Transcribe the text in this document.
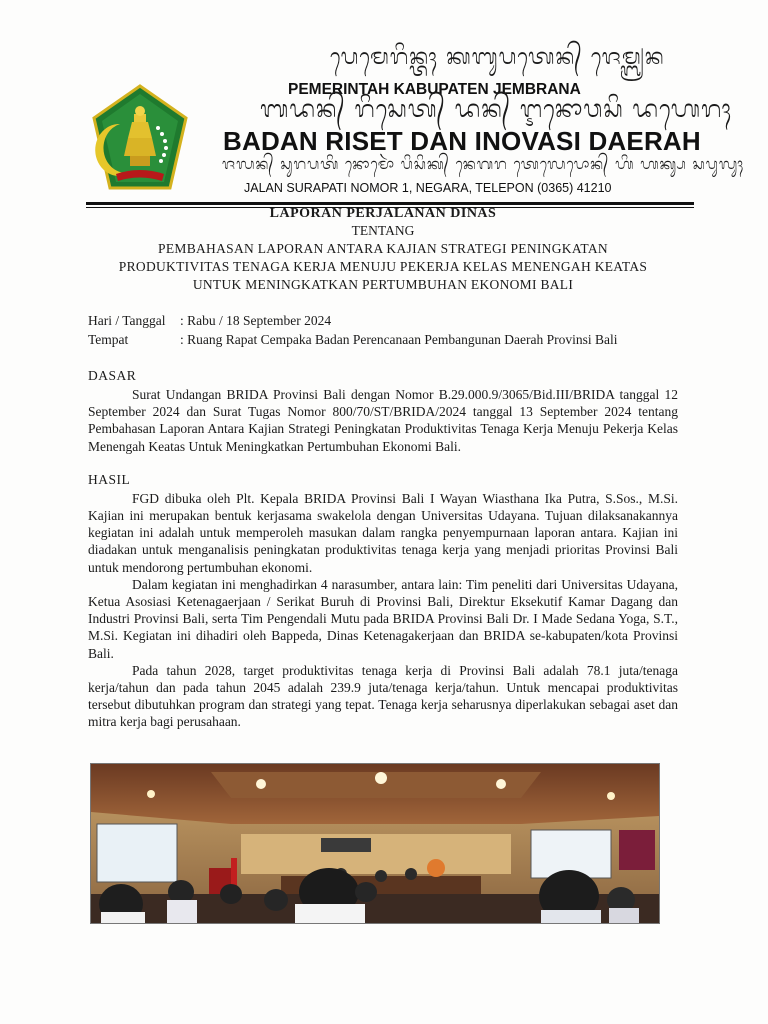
ᬧᬾᬫᬾᬭᬶᬦ᭄ᬢᬄ ᬓᬩᬸᬧᬢᬾᬦ᭄ ᬚᬾᬫ᭄ᬩ᭄ᬭᬦ
PEMERINTAH KABUPATEN JEMBRANA
ᬩᬤᬦ᭄ ᬭᬶᬲᬾᬢ᭄ ᬤᬦ᭄ ᬇᬦᭀᬯᬲᬶ ᬤᬳᬾᬭᬄ
BADAN RISET DAN INOVASI DAERAH
ᬚᬮᬦ᭄ ᬲᬸᬭᬧᬢᬶ ᬦᭀᬫᭀᬃ ᬧᬶᬲᬶᬓ᭄ ᬦᬾᬕᬭ ᬢᬾᬮᬾᬧᭀᬦ᭄ ᬳᬶ ᬳᬓ᭄ᬲ ᬲᬧᬸᬮᬸᬄ
JALAN SURAPATI NOMOR 1, NEGARA, TELEPON (0365) 41210
LAPORAN PERJALANAN DINAS
TENTANG
PEMBAHASAN LAPORAN ANTARA KAJIAN STRATEGI PENINGKATAN
PRODUKTIVITAS TENAGA KERJA MENUJU PEKERJA KELAS MENENGAH KEATAS
UNTUK MENINGKATKAN PERTUMBUHAN EKONOMI BALI
Hari / Tanggal	: Rabu / 18 September 2024
Tempat	: Ruang Rapat Cempaka Badan Perencanaan Pembangunan Daerah Provinsi Bali
DASAR

Surat Undangan BRIDA Provinsi Bali dengan Nomor B.29.000.9/3065/Bid.III/BRIDA tanggal 12 September 2024 dan Surat Tugas Nomor 800/70/ST/BRIDA/2024 tanggal 13 September 2024 tentang Pembahasan Laporan Antara Kajian Strategi Peningkatan Produktivitas Tenaga Kerja Menuju Pekerja Kelas Menengah Keatas Untuk Meningkatkan Pertumbuhan Ekonomi Bali.

HASIL

FGD dibuka oleh Plt. Kepala BRIDA Provinsi Bali I Wayan Wiasthana Ika Putra, S.Sos., M.Si. Kajian ini merupakan bentuk kerjasama swakelola dengan Universitas Udayana. Tujuan dilaksanakannya kegiatan ini adalah untuk memperoleh masukan dalam rangka penyempurnaan laporan antara. Kajian ini diadakan untuk menganalisis peningkatan produktivitas tenaga kerja yang menjadi prioritas Provinsi Bali untuk mendorong pertumbuhan ekonomi.

Dalam kegiatan ini menghadirkan 4 narasumber, antara lain: Tim peneliti dari Universitas Udayana, Ketua Asosiasi Ketenagaerjaan / Serikat Buruh di Provinsi Bali, Direktur Eksekutif Kamar Dagang dan Industri Provinsi Bali, serta Tim Pengendali Mutu pada BRIDA Provinsi Bali Dr. I Made Sedana Yoga, S.T., M.Si. Kegiatan ini dihadiri oleh Bappeda, Dinas Ketenagakerjaan dan BRIDA se-kabupaten/kota Provinsi Bali.

Pada tahun 2028, target produktivitas tenaga kerja di Provinsi Bali adalah 78.1 juta/tenaga kerja/tahun dan pada tahun 2045 adalah 239.9 juta/tenaga kerja/tahun. Untuk mencapai produktivitas tersebut dibutuhkan program dan strategi yang tepat. Tenaga kerja seharusnya diperlakukan sebagai aset dan mitra kerja bagi perusahaan.
